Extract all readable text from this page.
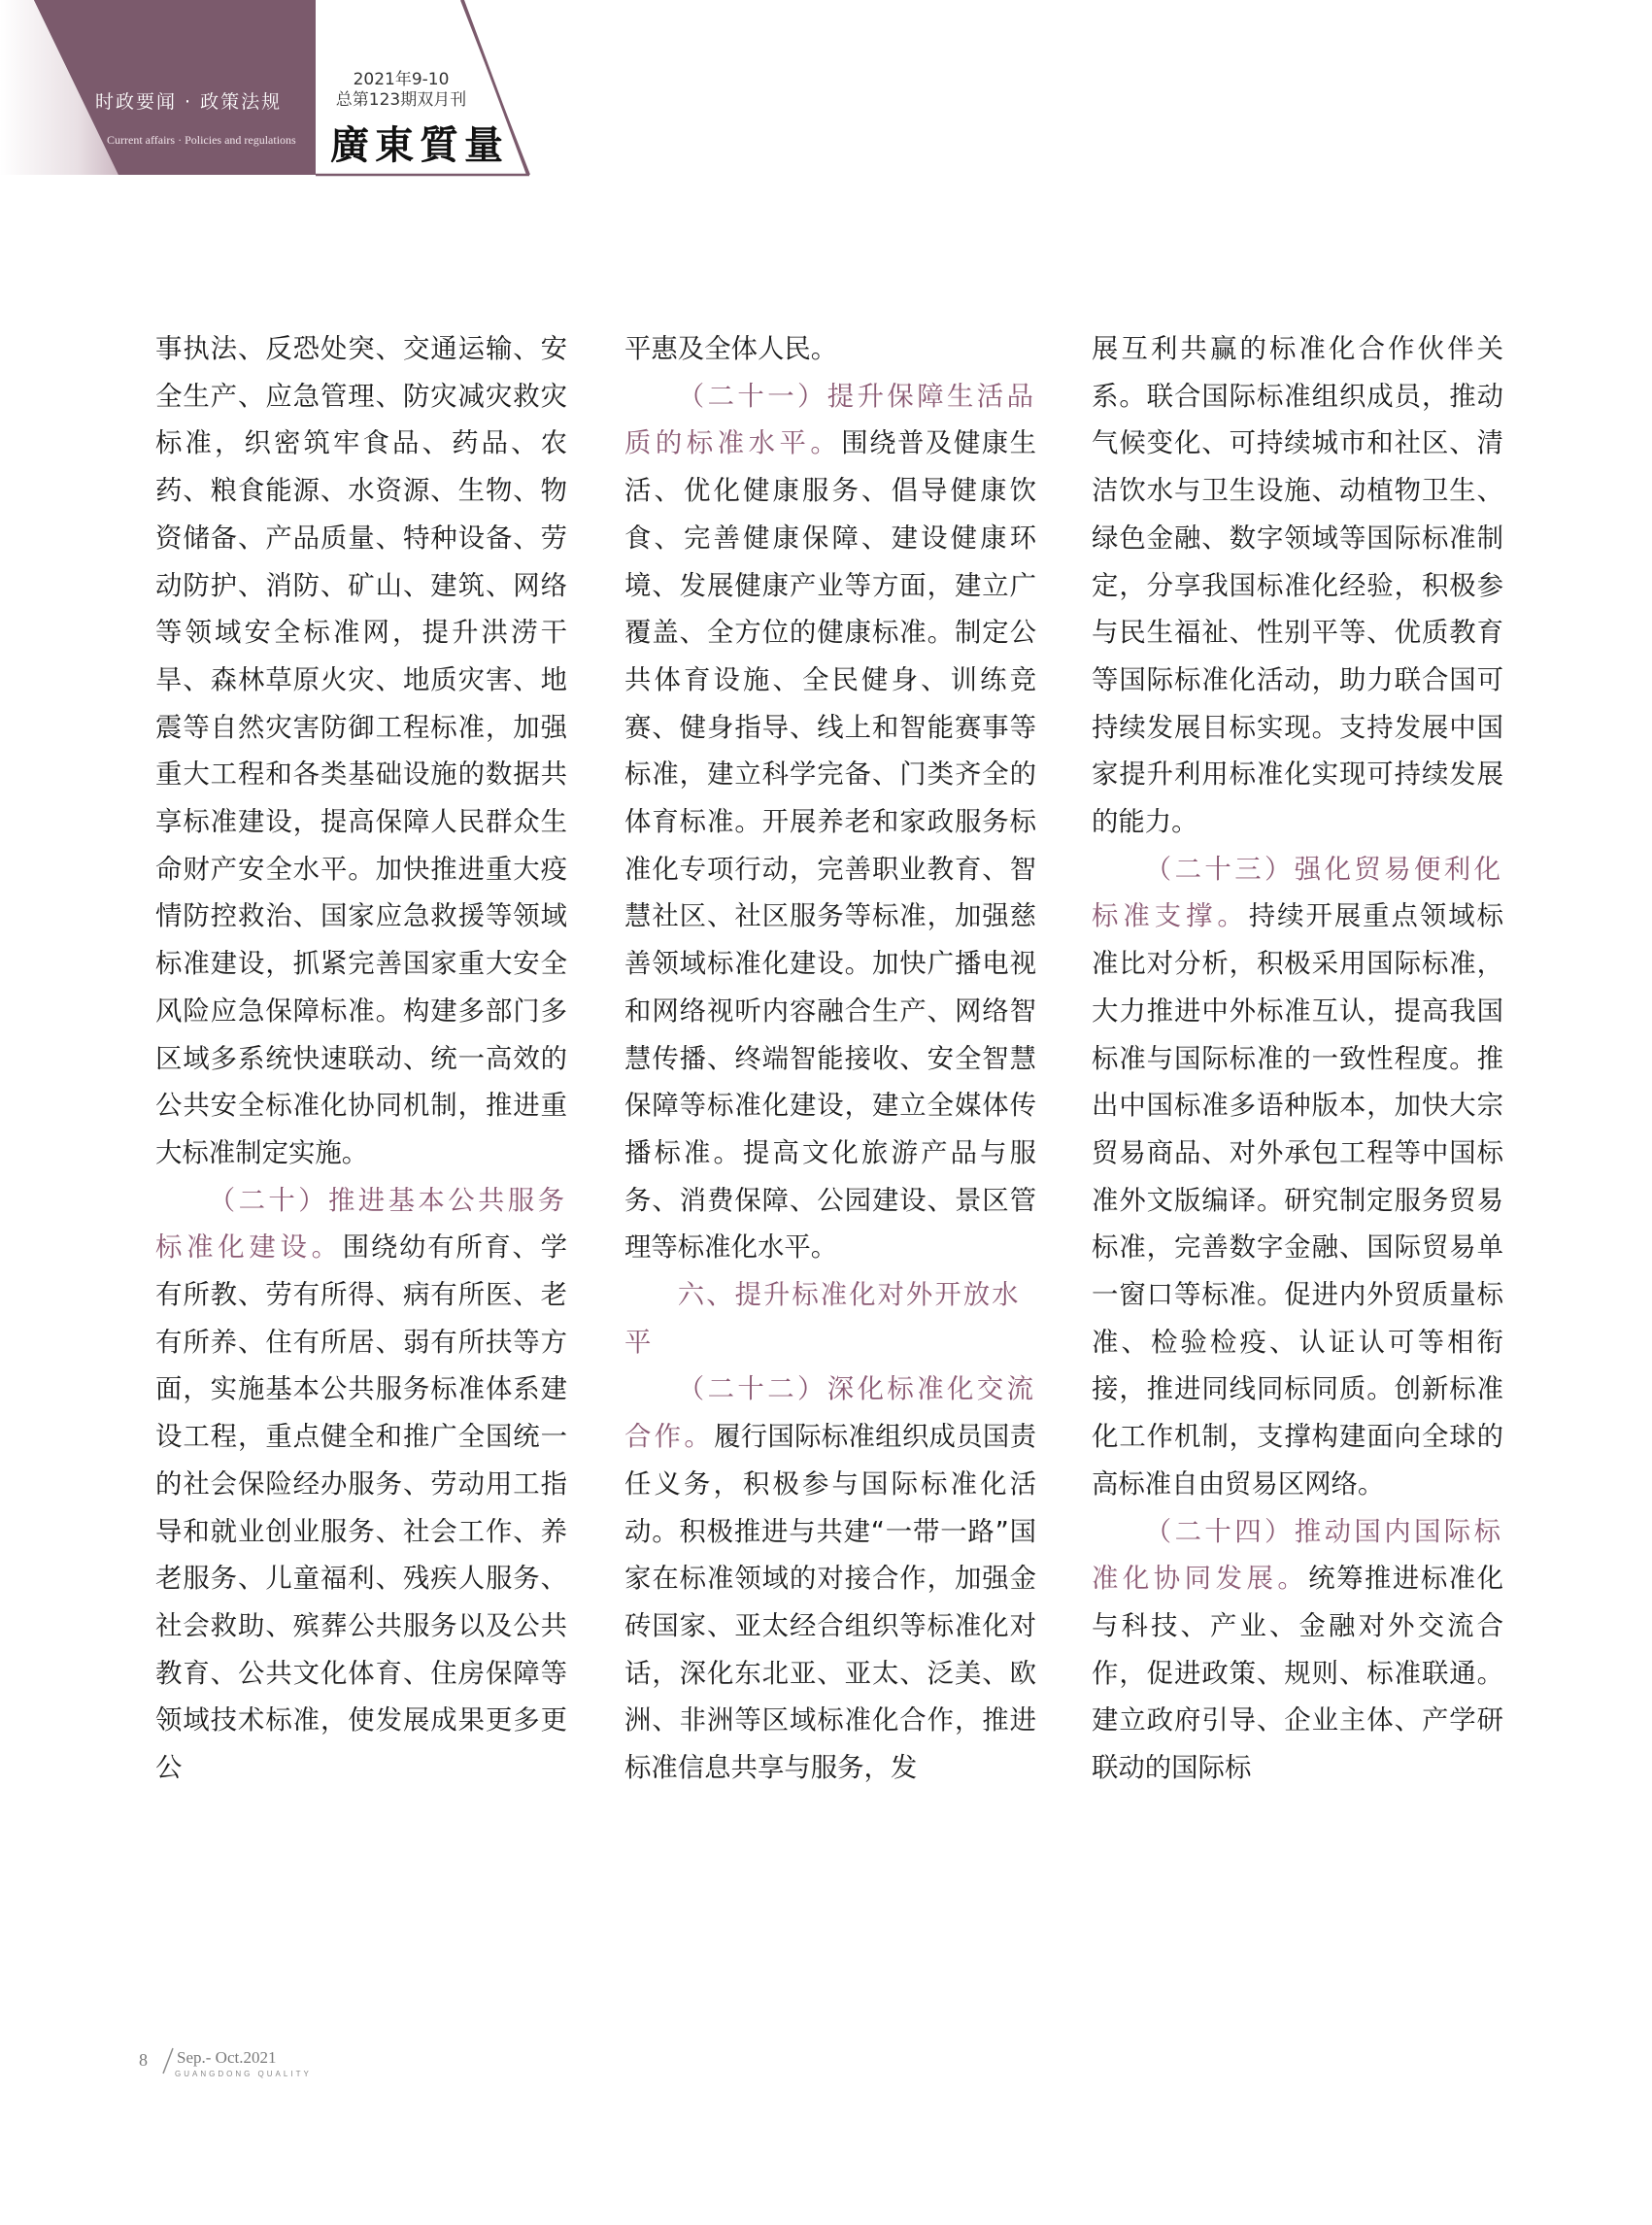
时政要闻 · 政策法规
Current affairs · Policies and regulations
2021年9-10
总第123期双月刊
廣東質量

事执法、反恐处突、交通运输、安全生产、应急管理、防灾减灾救灾标准，织密筑牢食品、药品、农药、粮食能源、水资源、生物、物资储备、产品质量、特种设备、劳动防护、消防、矿山、建筑、网络等领域安全标准网，提升洪涝干旱、森林草原火灾、地质灾害、地震等自然灾害防御工程标准，加强重大工程和各类基础设施的数据共享标准建设，提高保障人民群众生命财产安全水平。加快推进重大疫情防控救治、国家应急救援等领域标准建设，抓紧完善国家重大安全风险应急保障标准。构建多部门多区域多系统快速联动、统一高效的公共安全标准化协同机制，推进重大标准制定实施。

（二十）推进基本公共服务标准化建设。围绕幼有所育、学有所教、劳有所得、病有所医、老有所养、住有所居、弱有所扶等方面，实施基本公共服务标准体系建设工程，重点健全和推广全国统一的社会保险经办服务、劳动用工指导和就业创业服务、社会工作、养老服务、儿童福利、残疾人服务、社会救助、殡葬公共服务以及公共教育、公共文化体育、住房保障等领域技术标准，使发展成果更多更公

平惠及全体人民。

（二十一）提升保障生活品质的标准水平。围绕普及健康生活、优化健康服务、倡导健康饮食、完善健康保障、建设健康环境、发展健康产业等方面，建立广覆盖、全方位的健康标准。制定公共体育设施、全民健身、训练竞赛、健身指导、线上和智能赛事等标准，建立科学完备、门类齐全的体育标准。开展养老和家政服务标准化专项行动，完善职业教育、智慧社区、社区服务等标准，加强慈善领域标准化建设。加快广播电视和网络视听内容融合生产、网络智慧传播、终端智能接收、安全智慧保障等标准化建设，建立全媒体传播标准。提高文化旅游产品与服务、消费保障、公园建设、景区管理等标准化水平。

六、提升标准化对外开放水平

（二十二）深化标准化交流合作。履行国际标准组织成员国责任义务，积极参与国际标准化活动。积极推进与共建“一带一路”国家在标准领域的对接合作，加强金砖国家、亚太经合组织等标准化对话，深化东北亚、亚太、泛美、欧洲、非洲等区域标准化合作，推进标准信息共享与服务，发

展互利共赢的标准化合作伙伴关系。联合国际标准组织成员，推动气候变化、可持续城市和社区、清洁饮水与卫生设施、动植物卫生、绿色金融、数字领域等国际标准制定，分享我国标准化经验，积极参与民生福祉、性别平等、优质教育等国际标准化活动，助力联合国可持续发展目标实现。支持发展中国家提升利用标准化实现可持续发展的能力。

（二十三）强化贸易便利化标准支撑。持续开展重点领域标准比对分析，积极采用国际标准，大力推进中外标准互认，提高我国标准与国际标准的一致性程度。推出中国标准多语种版本，加快大宗贸易商品、对外承包工程等中国标准外文版编译。研究制定服务贸易标准，完善数字金融、国际贸易单一窗口等标准。促进内外贸质量标准、检验检疫、认证认可等相衔接，推进同线同标同质。创新标准化工作机制，支撑构建面向全球的高标准自由贸易区网络。

（二十四）推动国内国际标准化协同发展。统筹推进标准化与科技、产业、金融对外交流合作，促进政策、规则、标准联通。建立政府引导、企业主体、产学研联动的国际标

8 Sep.- Oct.2021
GUANGDONG QUALITY
